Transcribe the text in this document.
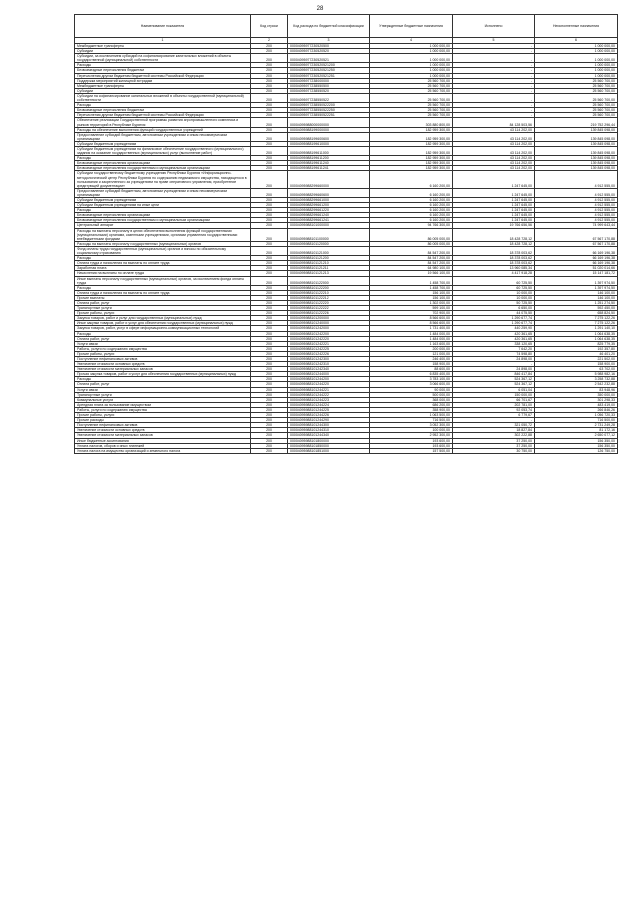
28
Наименование показателя	Код строки	Код расхода по бюджетной классификации	Утвержденные бюджетные назначения	Исполнено	Неисполненные назначения
1	2	3	4	5	6
Межбюджетные трансферты	200	00004095977230520500	1 000 000,00	-	1 000 000,00
Субсидии	200	00004095977230520520	1 000 000,00	-	1 000 000,00
Субсидии, за исключением субсидий на софинансирование капитальных вложений в объекты государственной (муниципальной) собственности	200	00004095977230520521	1 000 000,00	-	1 000 000,00
Расходы	200	00004095977230520521200	1 000 000,00	-	1 000 000,00
Безвозмездные перечисления бюджетам	200	00004095977230520521250	1 000 000,00	-	1 000 000,00
Перечисления другим бюджетам бюджетной системы Российской Федерации	200	00004095977230520521251	1 000 000,00	-	1 000 000,00
Поддержка мероприятий жилищной эстрадам	200	00004095977238000000	25 560 700,00	-	25 560 700,00
Межбюджетные трансферты	200	00004095977238550500	25 560 700,00	-	25 560 700,00
Субсидии	200	00004095977238550520	25 560 700,00	-	25 560 700,00
Субсидии на софинансирование капитальных вложений в объекты государственной (муниципальной) собственности	200	00004095977238550522	25 560 700,00	-	25 560 700,00
Расходы	200	00004095977238550522200	25 560 700,00	-	25 560 700,00
Безвозмездные перечисления бюджетам	200	00004095977238550522250	25 560 700,00	-	25 560 700,00
Перечисления другим бюджетам бюджетной системы Российской Федерации	200	00004095977238550522251	25 560 700,00	-	25 560 700,00
Обеспечение реализации Государственной программы развития агропромышленного комплекса и рынков территорий в Республике Бурятия	200	00004095988000000000	303 880 800,00	84 128 503,56	219 752 296,44
Расходы на обеспечение выполнения функций государственных учреждений	200	00004095988199000000	182 959 300,00	43 114 202,00	139 845 098,00
Предоставление субсидий бюджетным, автономным учреждениям и иным некоммерческим организациям	200	00004095988199600600	182 959 300,00	43 114 202,00	139 845 098,00
Субсидии бюджетным учреждениям	200	00004095988199610000	182 959 300,00	43 114 202,00	139 845 098,00
Субсидии бюджетным учреждениям на финансовое обеспечение государственного (муниципального) задания на оказание государственных (муниципальных) услуг (выполнение работ)	200	00004095988199611000	182 959 300,00	43 114 202,00	139 845 098,00
Расходы	200	00004095988199611200	182 959 300,00	43 114 202,00	139 845 098,00
Безвозмездные перечисления организациям	200	00004095988199611240	182 959 300,00	43 114 202,00	139 845 098,00
Безвозмездные перечисления государственным и муниципальным организациям	200	00004095988199611241	182 959 300,00	43 114 202,00	139 845 098,00
Субсидии государственному бюджетному учреждению Республики Бурятия «Информационно-методологический центр Республики Бурятия по содержанию недвижимого имущества, находящегося в пользовании и закрепленного за учреждением на праве оперативного управления, приобретение кредитующей документации»	200	00004095988299660000	6 160 200,00	1 247 645,00	4 912 555,00
Предоставление субсидий бюджетным, автономным учреждениям и иным некоммерческим организациям	200	00004095988299660600	6 160 200,00	1 247 645,00	4 912 555,00
Субсидии бюджетным учреждениям	200	00004095988299661000	6 160 200,00	1 247 645,00	4 912 555,00
Субсидии бюджетным учреждениям на иные цели	200	00004095988299661200	6 160 200,00	1 247 645,00	4 912 555,00
Расходы	200	00004095988299661220	6 160 200,00	1 247 645,00	4 912 555,00
Безвозмездные перечисления организациям	200	00004095988299661240	6 160 200,00	1 247 645,00	4 912 555,00
Безвозмездные перечисления государственным и муниципальным организациям	200	00004095988299661241	6 160 200,00	1 247 645,00	4 912 555,00
Центральный аппарат	200	00004095988101000000	94 766 300,00	19 766 656,56	74 999 643,44
Расходы на выплаты персоналу в целях обеспечения выполнения функций государственными (муниципальными) органами, казенными учреждениями, органами управления государственными внебюджетными фондами	200	00004095988101100000	86 005 000,00	18 428 728,12	67 567 170,88
Расходы на выплаты персоналу государственных (муниципальных) органов	200	00004095988101120000	86 005 000,00	18 428 728,12	67 567 170,88
Фонд оплаты труда государственных (муниципальных) органов и взносы по обязательному социальному страхованию	200	00004095988101121000	84 547 200,00	18 378 003,62	66 169 196,38
Расходы	200	00004095988101121200	84 547 200,00	18 378 003,62	66 169 196,38
Оплата труда и начисления на выплаты по оплате труда	200	00004095988101121210	84 547 200,00	18 378 003,62	66 169 196,38
Заработная плата	200	00004095988101121211	64 980 100,00	13 960 085,34	51 020 014,66
Начисления на выплаты по оплате труда	200	00004095988101121213	19 566 100,00	4 417 918,28	15 147 181,72
Иные выплаты персоналу государственных (муниципальных) органов, за исключением фонда оплаты труда	200	00004095988101122000	1 458 700,00	60 725,50	1 397 974,50
Расходы	200	00004095988101122200	1 458 700,00	60 725,50	1 397 974,50
Оплата труда и начисления на выплаты по оплате труда	200	00004095988101122210	156 100,00	10 000,00	146 100,00
Прочие выплаты	200	00004095988101122212	156 100,00	10 000,00	146 100,00
Оплата работ, услуг	200	00004095988101122220	1 302 000,00	50 725,50	1 251 274,50
Транспортные услуги	200	00004095988101122222	599 100,00	6 650,00	592 450,00
Прочие работы, услуги	200	00004095988101122226	702 900,00	44 075,50	658 824,50
Закупка товаров, работ и услуг для государственных (муниципальных) нужд	200	00004095988101200000	8 566 600,00	1 290 677,74	7 275 122,26
Иные закупки товаров, работ и услуг для обеспечения государственных (муниципальных) нужд	200	00004095988101240000	8 566 600,00	1 290 677,74	7 275 122,26
Закупка товаров, работ, услуг в сфере информационно-коммуникационных технологий	200	00004095988101242000	1 731 400,00	440 259,90	1 291 140,10
Расходы	200	00004095988101242200	1 484 000,00	420 361,65	1 064 638,35
Оплата работ, услуг	200	00004095988101242220	1 484 000,00	420 361,65	1 064 638,35
Услуги связи	200	00004095988101242221	1 163 600,00	338 120,65	825 779,35
Работы, услуги по содержанию имущества	200	00004095988101242225	200 000,00	7 642,20	192 357,80
Прочие работы, услуги	200	00004095988101242226	121 000,00	74 598,80	46 401,20
Поступление нефинансовых активов	200	00004095988101242300	246 400,00	24 898,00	221 502,00
Увеличение стоимости основных средств	200	00004095988101242310	158 900,00	-	158 900,00
Увеличение стоимости материальных запасов	200	00004095988101242340	88 600,00	24 898,00	63 702,00
Прочая закупка товаров, работ и услуг для обеспечения государственных (муниципальных) нужд	200	00004095988101244000	6 835 400,00	846 417,84	5 988 982,16
Расходы	200	00004095988101244200	3 783 100,00	524 367,12	3 258 732,88
Оплата работ, услуг	200	00004095988101244220	3 066 600,00	524 367,12	2 542 232,88
Услуги связи	200	00004095988101244221	90 000,00	6 051,04	83 948,96
Транспортные услуги	200	00004095988101244222	500 000,00	150 000,00	350 000,00
Коммунальные услуги	200	00004095988101244223	368 000,00	66 701,67	301 298,33
Арендная плата за пользование имуществом	200	00004095988101244224	686 200,00	202 781,00	483 419,00
Работы, услуги по содержанию имущества	200	00004095988101244225	358 900,00	92 053,74	266 846,26
Прочие работы, услуги	200	00004095988101244226	1 063 500,00	6 779,67	1 056 720,33
Прочие расходы	200	00004095988101244290	716 500,00	-	716 500,00
Поступление нефинансовых активов	200	00004095988101244300	3 052 300,00	321 050,72	2 731 249,28
Увеличение стоимости основных средств	200	00004095988101244310	100 000,00	18 827,84	81 172,16
Увеличение стоимости материальных запасов	200	00004095988101244340	2 952 300,00	302 222,88	2 650 077,12
Иные бюджетные ассигнования	200	00004095988101800000	193 600,00	37 250,00	156 350,00
Уплата налогов, сборов и иных платежей	200	00004095988101850000	193 600,00	37 250,00	156 350,00
Уплата налога на имущество организаций и земельного налога	200	00004095988101851000	157 500,00	30 750,00	126 750,00
